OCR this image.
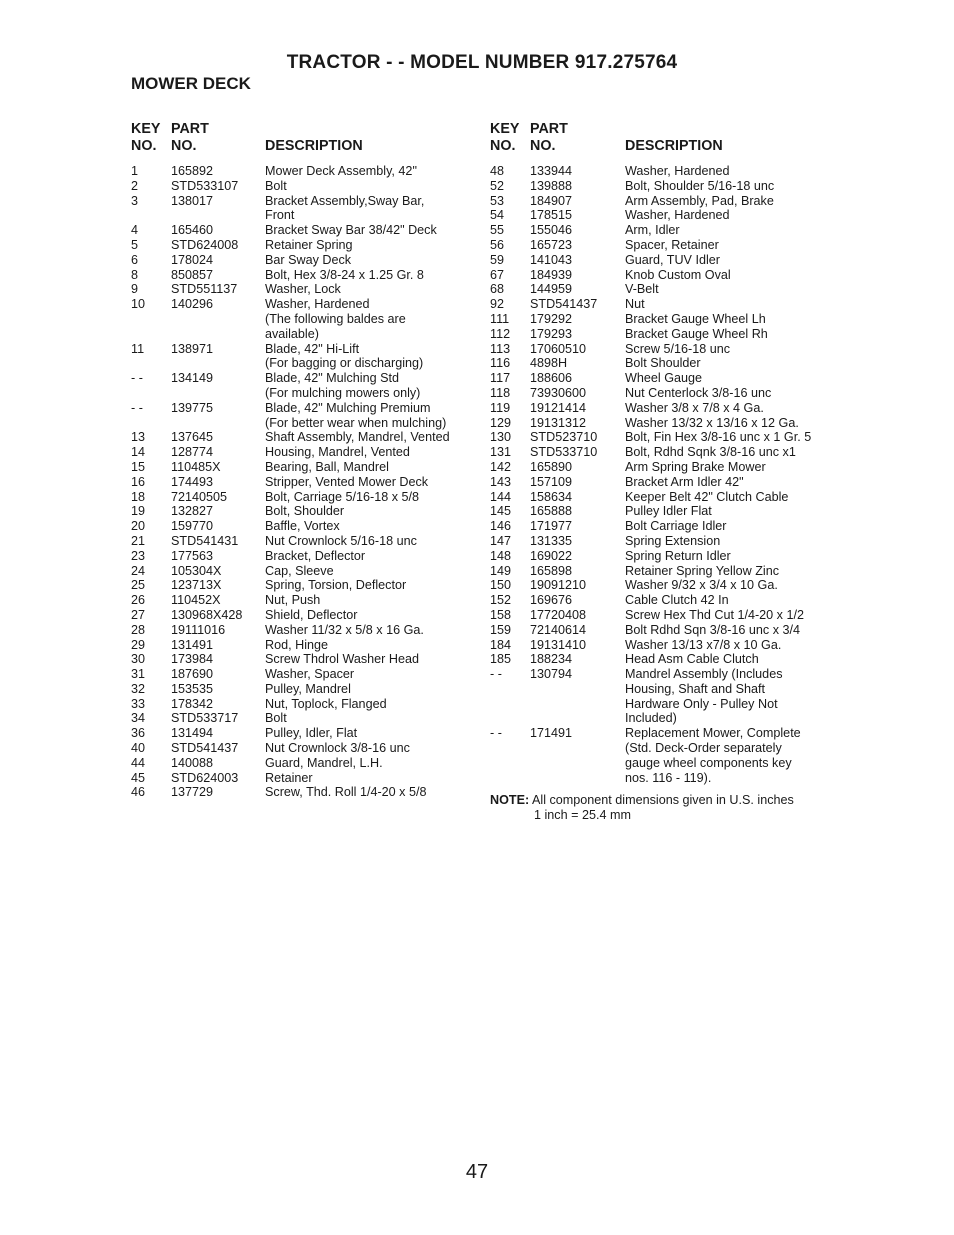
TRACTOR - - MODEL NUMBER 917.275764
MOWER DECK
KEY PART
NO.	NO.	DESCRIPTION
1	165892	Mower Deck Assembly, 42"
2	STD533107	Bolt
3	138017	Bracket Assembly,Sway Bar,
Front
4	165460	Bracket Sway Bar 38/42" Deck
5	STD624008	Retainer Spring
6	178024	Bar Sway Deck
8	850857	Bolt, Hex 3/8-24 x 1.25 Gr. 8
9	STD551137	Washer, Lock
10	140296	Washer, Hardened
(The following baldes are
available)
11	138971	Blade, 42" Hi-Lift
(For bagging or discharging)
- -	134149	Blade, 42" Mulching Std
(For mulching mowers only)
- -	139775	Blade, 42" Mulching Premium
(For better wear when mulching)
13	137645	Shaft Assembly, Mandrel, Vented
14	128774	Housing, Mandrel, Vented
15	110485X	Bearing, Ball, Mandrel
16	174493	Stripper, Vented Mower Deck
18	72140505	Bolt, Carriage 5/16-18 x 5/8
19	132827	Bolt, Shoulder
20	159770	Baffle, Vortex
21	STD541431	Nut Crownlock 5/16-18 unc
23	177563	Bracket, Deflector
24	105304X	Cap, Sleeve
25	123713X	Spring, Torsion, Deflector
26	110452X	Nut, Push
27	130968X428	Shield, Deflector
28	19111016	Washer 11/32 x 5/8 x 16 Ga.
29	131491	Rod, Hinge
30	173984	Screw Thdrol Washer Head
31	187690	Washer, Spacer
32	153535	Pulley, Mandrel
33	178342	Nut, Toplock, Flanged
34	STD533717	Bolt
36	131494	Pulley, Idler, Flat
40	STD541437	Nut Crownlock 3/8-16 unc
44	140088	Guard, Mandrel, L.H.
45	STD624003	Retainer
46	137729	Screw, Thd. Roll 1/4-20 x 5/8
KEY PART
NO.	NO.	DESCRIPTION
48	133944	Washer, Hardened
52	139888	Bolt, Shoulder 5/16-18 unc
53	184907	Arm Assembly, Pad, Brake
54	178515	Washer, Hardened
55	155046	Arm, Idler
56	165723	Spacer, Retainer
59	141043	Guard, TUV Idler
67	184939	Knob Custom Oval
68	144959	V-Belt
92	STD541437	Nut
111	179292	Bracket Gauge Wheel Lh
112	179293	Bracket Gauge Wheel Rh
113	17060510	Screw 5/16-18 unc
116	4898H	Bolt Shoulder
117	188606	Wheel Gauge
118	73930600	Nut Centerlock 3/8-16 unc
119	19121414	Washer 3/8 x 7/8 x 4 Ga.
129	19131312	Washer 13/32 x 13/16 x 12 Ga.
130	STD523710	Bolt, Fin Hex 3/8-16 unc x 1 Gr. 5
131	STD533710	Bolt, Rdhd Sqnk 3/8-16 unc x1
142	165890	Arm Spring Brake Mower
143	157109	Bracket Arm Idler 42"
144	158634	Keeper Belt 42" Clutch Cable
145	165888	Pulley Idler Flat
146	171977	Bolt Carriage Idler
147	131335	Spring Extension
148	169022	Spring Return Idler
149	165898	Retainer Spring Yellow Zinc
150	19091210	Washer 9/32 x 3/4 x 10 Ga.
152	169676	Cable Clutch 42 In
158	17720408	Screw Hex Thd Cut 1/4-20 x 1/2
159	72140614	Bolt Rdhd Sqn 3/8-16 unc x 3/4
184	19131410	Washer 13/13 x7/8 x 10 Ga.
185	188234	Head Asm Cable Clutch
- -	130794	Mandrel Assembly (Includes
Housing, Shaft and Shaft
Hardware Only - Pulley Not
Included)
- -	171491	Replacement Mower, Complete
(Std. Deck-Order separately
gauge wheel components key
nos. 116 - 119).
NOTE: All component dimensions given in U.S. inches
1 inch = 25.4 mm
47
